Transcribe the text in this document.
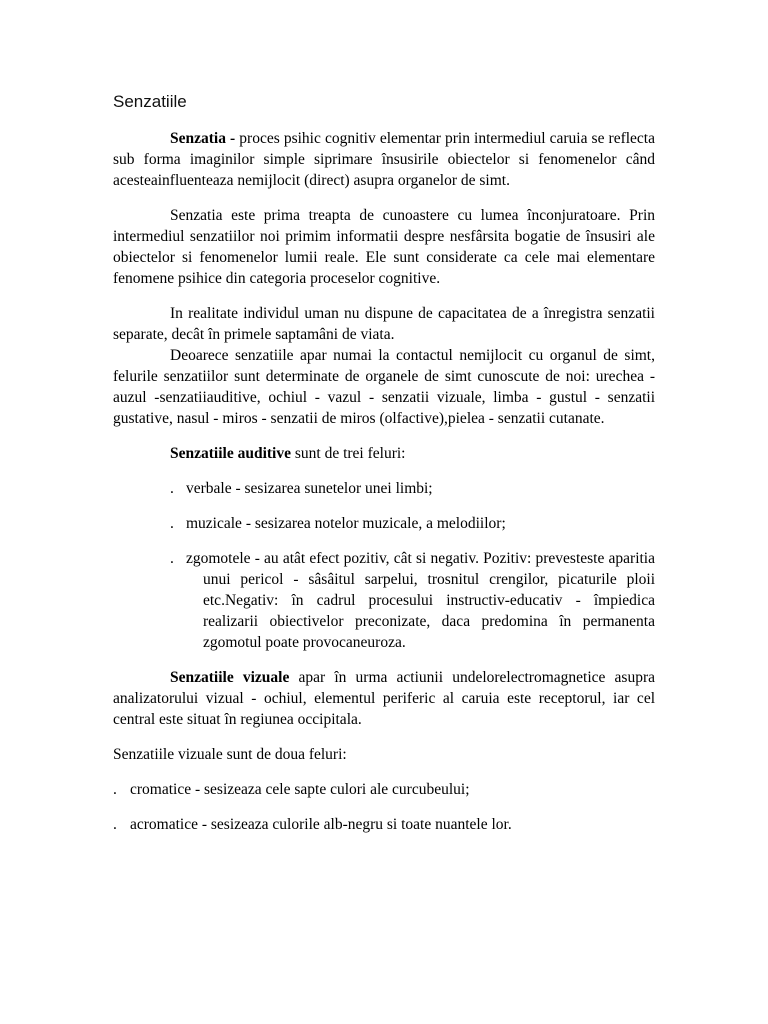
Senzatiile

Senzatia - proces psihic cognitiv elementar prin intermediul caruia se reflecta sub forma imaginilor simple siprimare însusirile obiectelor si fenomenelor când acesteainfluenteaza nemijlocit (direct) asupra organelor de simt.

Senzatia este prima treapta de cunoastere cu lumea înconjuratoare. Prin intermediul senzatiilor noi primim informatii despre nesfârsita bogatie de însusiri ale obiectelor si fenomenelor lumii reale. Ele sunt considerate ca cele mai elementare fenomene psihice din categoria proceselor cognitive.

In realitate individul uman nu dispune de capacitatea de a înregistra senzatii separate, decât în primele saptamâni de viata.

Deoarece senzatiile apar numai la contactul nemijlocit cu organul de simt, felurile senzatiilor sunt determinate de organele de simt cunoscute de noi: urechea - auzul -senzatiiauditive, ochiul - vazul - senzatii vizuale, limba - gustul - senzatii gustative, nasul - miros - senzatii de miros (olfactive),pielea - senzatii cutanate.

Senzatiile auditive sunt de trei feluri:

. verbale - sesizarea sunetelor unei limbi;
. muzicale - sesizarea notelor muzicale, a melodiilor;
. zgomotele - au atât efect pozitiv, cât si negativ. Pozitiv: prevesteste aparitia unui pericol - sâsâitul sarpelui, trosnitul crengilor, picaturile ploii etc.Negativ: în cadrul procesului instructiv-educativ - împiedica realizarii obiectivelor preconizate, daca predomina în permanenta zgomotul poate provocaneuroza.

Senzatiile vizuale apar în urma actiunii undelorelectromagnetice asupra analizatorului vizual - ochiul, elementul periferic al caruia este receptorul, iar cel central este situat în regiunea occipitala.

Senzatiile vizuale sunt de doua feluri:

. cromatice - sesizeaza cele sapte culori ale curcubeului;
. acromatice - sesizeaza culorile alb-negru si toate nuantele lor.
